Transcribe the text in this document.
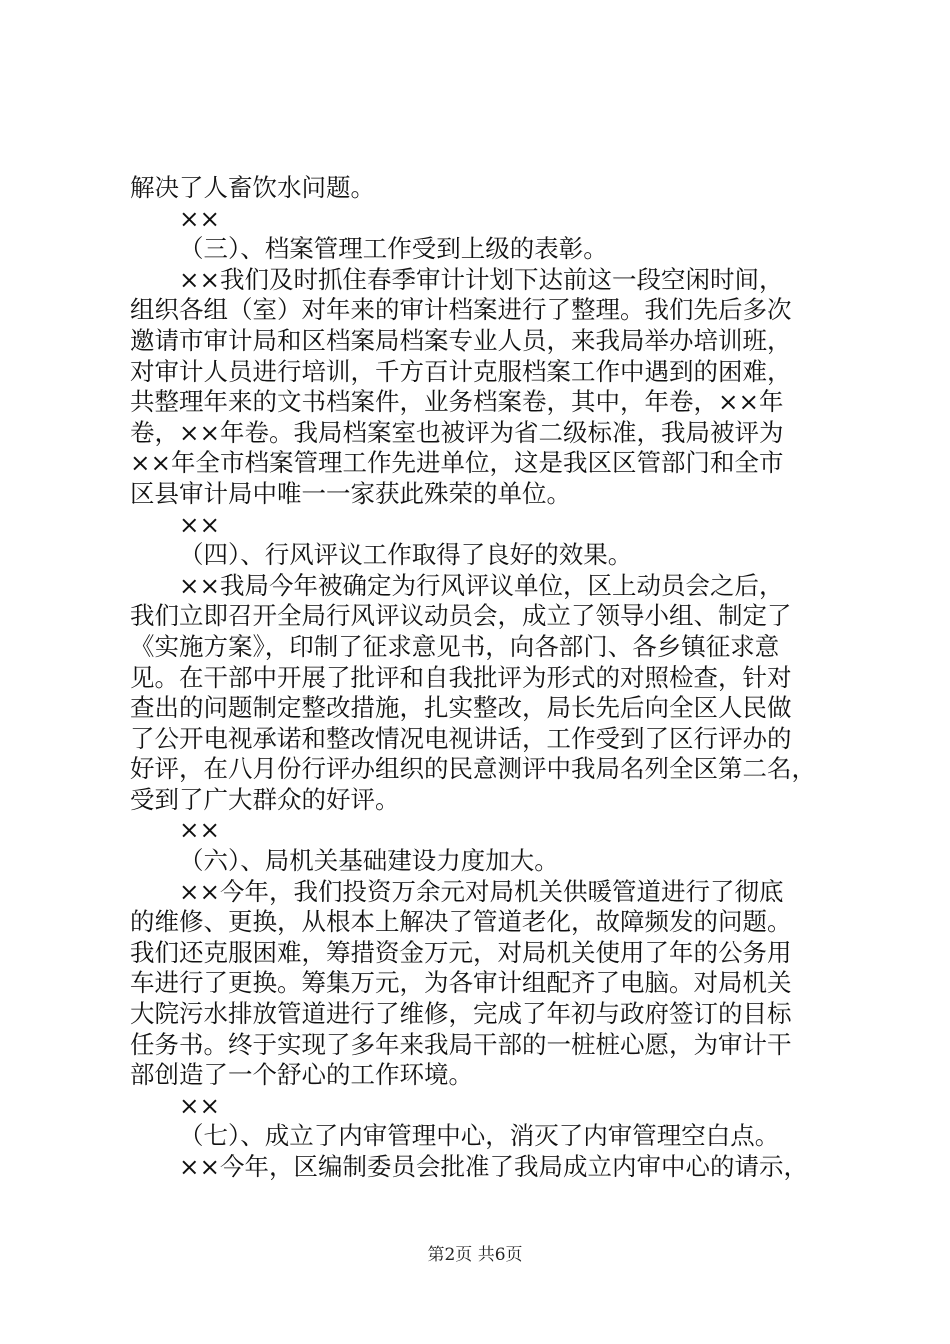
解决了人畜饮水问题。
××
（三）、档案管理工作受到上级的表彰。
××我们及时抓住春季审计计划下达前这一段空闲时间，
组织各组（室）对年来的审计档案进行了整理。我们先后多次
邀请市审计局和区档案局档案专业人员，来我局举办培训班，
对审计人员进行培训，千方百计克服档案工作中遇到的困难，
共整理年来的文书档案件，业务档案卷，其中，年卷，××年
卷，××年卷。我局档案室也被评为省二级标准，我局被评为
××年全市档案管理工作先进单位，这是我区区管部门和全市
区县审计局中唯一一家获此殊荣的单位。
××
（四）、行风评议工作取得了良好的效果。
××我局今年被确定为行风评议单位，区上动员会之后，
我们立即召开全局行风评议动员会，成立了领导小组、制定了
《实施方案》，印制了征求意见书，向各部门、各乡镇征求意
见。在干部中开展了批评和自我批评为形式的对照检查，针对
查出的问题制定整改措施，扎实整改，局长先后向全区人民做
了公开电视承诺和整改情况电视讲话，工作受到了区行评办的
好评，在八月份行评办组织的民意测评中我局名列全区第二名，
受到了广大群众的好评。
××
（六）、局机关基础建设力度加大。
××今年，我们投资万余元对局机关供暖管道进行了彻底
的维修、更换，从根本上解决了管道老化，故障频发的问题。
我们还克服困难，筹措资金万元，对局机关使用了年的公务用
车进行了更换。筹集万元，为各审计组配齐了电脑。对局机关
大院污水排放管道进行了维修，完成了年初与政府签订的目标
任务书。终于实现了多年来我局干部的一桩桩心愿，为审计干
部创造了一个舒心的工作环境。
××
（七）、成立了内审管理中心，消灭了内审管理空白点。
××今年，区编制委员会批准了我局成立内审中心的请示，
第2页 共6页
